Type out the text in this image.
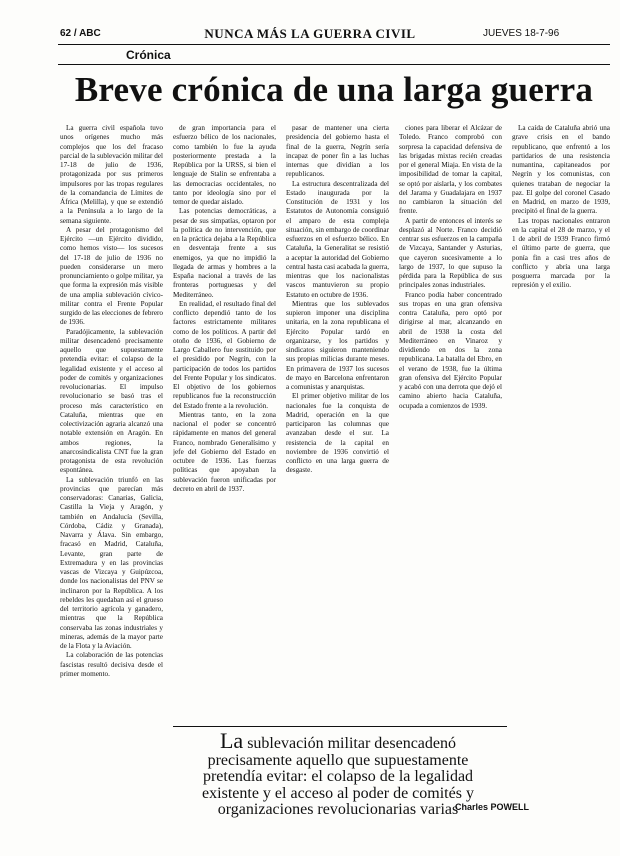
62 / ABC	NUNCA MÁS LA GUERRA CIVIL	JUEVES 18-7-96
Crónica
Breve crónica de una larga guerra

La guerra civil española tuvo unos orígenes mucho más complejos que los del fracaso parcial de la sublevación militar del 17-18 de julio de 1936, protagonizada por sus primeros impulsores por las tropas regulares de la comandancia de Límites de África (Melilla), y que se extendió a la Península a lo largo de la semana siguiente.

A pesar del protagonismo del Ejército —un Ejército dividido, como hemos visto— los sucesos del 17-18 de julio de 1936 no pueden considerarse un mero pronunciamiento o golpe militar, ya que forma la expresión más visible de una amplia sublevación cívico-militar contra el Frente Popular surgido de las elecciones de febrero de 1936.

Paradójicamente, la sublevación militar desencadenó precisamente aquello que supuestamente pretendía evitar: el colapso de la legalidad existente y el acceso al poder de comités y organizaciones revolucionarias. El impulso revolucionario se basó tras el proceso más característico en Cataluña, mientras que en colectivización agraria alcanzó una notable extensión en Aragón. En ambos regiones, la anarcosindicalista CNT fue la gran protagonista de esta revolución espontánea.

La sublevación triunfó en las provincias que parecían más conservadoras: Canarias, Galicia, Castilla la Vieja y Aragón, y también en Andalucía (Sevilla, Córdoba, Cádiz y Granada), Navarra y Álava. Sin embargo, fracasó en Madrid, Cataluña, Levante, gran parte de Extremadura y en las provincias vascas de Vizcaya y Guipúzcoa, donde los nacionalistas del PNV se inclinaron por la República. A los rebeldes les quedaban así el grueso del territorio agrícola y ganadero, mientras que la República conservaba las zonas industriales y mineras, además de la mayor parte de la Flota y la Aviación.

La colaboración de las potencias fascistas resultó decisiva desde el primer momento.

de gran importancia para el esfuerzo bélico de los nacionales, como también lo fue la ayuda posteriormente prestada a la República por la URSS, si bien el lenguaje de Stalin se enfrentaba a las democracias occidentales, no tanto por ideología sino por el temor de quedar aislado.

Las potencias democráticas, a pesar de sus simpatías, optaron por la política de no intervención, que en la práctica dejaba a la República en desventaja frente a sus enemigos, ya que no impidió la llegada de armas y hombres a la España nacional a través de las fronteras portuguesas y del Mediterráneo.

En realidad, el resultado final del conflicto dependió tanto de los factores estrictamente militares como de los políticos. A partir del otoño de 1936, el Gobierno de Largo Caballero fue sustituido por el presidido por Negrín, con la participación de todos los partidos del Frente Popular y los sindicatos. El objetivo de los gobiernos republicanos fue la reconstrucción del Estado frente a la revolución.

Mientras tanto, en la zona nacional el poder se concentró rápidamente en manos del general Franco, nombrado Generalísimo y jefe del Gobierno del Estado en octubre de 1936. Las fuerzas políticas que apoyaban la sublevación fueron unificadas por decreto en abril de 1937.

pasar de mantener una cierta presidencia del gobierno hasta el final de la guerra, Negrín sería incapaz de poner fin a las luchas internas que dividían a los republicanos.

La estructura descentralizada del Estado inaugurada por la Constitución de 1931 y los Estatutos de Autonomía consiguió el amparo de esta compleja situación, sin embargo de coordinar esfuerzos en el esfuerzo bélico. En Cataluña, la Generalitat se resistió a aceptar la autoridad del Gobierno central hasta casi acabada la guerra, mientras que los nacionalistas vascos mantuvieron su propio Estatuto en octubre de 1936.

Mientras que los sublevados supieron imponer una disciplina unitaria, en la zona republicana el Ejército Popular tardó en organizarse, y los partidos y sindicatos siguieron manteniendo sus propias milicias durante meses. En primavera de 1937 los sucesos de mayo en Barcelona enfrentaron a comunistas y anarquistas.

El primer objetivo militar de los nacionales fue la conquista de Madrid, operación en la que participaron las columnas que avanzaban desde el sur. La resistencia de la capital en noviembre de 1936 convirtió el conflicto en una larga guerra de desgaste.

ciones para liberar el Alcázar de Toledo. Franco comprobó con sorpresa la capacidad defensiva de las brigadas mixtas recién creadas por el general Miaja. En vista de la imposibilidad de tomar la capital, se optó por aislarla, y los combates del Jarama y Guadalajara en 1937 no cambiaron la situación del frente.

A partir de entonces el interés se desplazó al Norte. Franco decidió centrar sus esfuerzos en la campaña de Vizcaya, Santander y Asturias, que cayeron sucesivamente a lo largo de 1937, lo que supuso la pérdida para la República de sus principales zonas industriales.

Franco podía haber concentrado sus tropas en una gran ofensiva contra Cataluña, pero optó por dirigirse al mar, alcanzando en abril de 1938 la costa del Mediterráneo en Vinaroz y dividiendo en dos la zona republicana. La batalla del Ebro, en el verano de 1938, fue la última gran ofensiva del Ejército Popular y acabó con una derrota que dejó el camino abierto hacia Cataluña, ocupada a comienzos de 1939.

La caída de Cataluña abrió una grave crisis en el bando republicano, que enfrentó a los partidarios de una resistencia numantina, capitaneados por Negrín y los comunistas, con quienes trataban de negociar la paz. El golpe del coronel Casado en Madrid, en marzo de 1939, precipitó el final de la guerra.

Las tropas nacionales entraron en la capital el 28 de marzo, y el 1 de abril de 1939 Franco firmó el último parte de guerra, que ponía fin a casi tres años de conflicto y abría una larga posguerra marcada por la represión y el exilio.

La sublevación militar desencadenó precisamente aquello que supuestamente pretendía evitar: el colapso de la legalidad existente y el acceso al poder de comités y organizaciones revolucionarias varias
Charles POWELL
